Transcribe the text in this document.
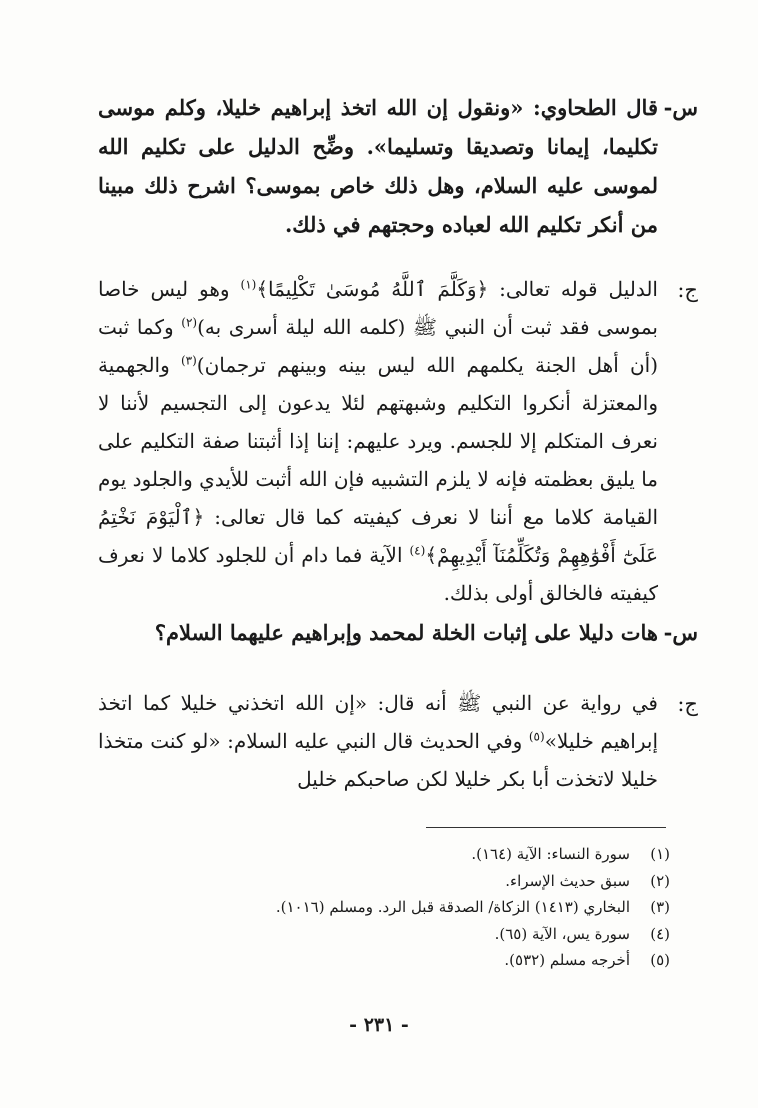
س-
قال الطحاوي: «ونقول إن الله اتخذ إبراهيم خليلا، وكلم موسى تكليما، إيمانا وتصديقا وتسليما». وضِّح الدليل على تكليم الله لموسى عليه السلام، وهل ذلك خاص بموسى؟ اشرح ذلك مبينا من أنكر تكليم الله لعباده وحجتهم في ذلك.
ج:
الدليل قوله تعالى: ﴿وَكَلَّمَ ٱللَّهُ مُوسَىٰ تَكْلِيمًا﴾$^{(١)}$ وهو ليس خاصا بموسى فقد ثبت أن النبي ﷺ (كلمه الله ليلة أسرى به)$^{(٢)}$ وكما ثبت (أن أهل الجنة يكلمهم الله ليس بينه وبينهم ترجمان)$^{(٣)}$ والجهمية والمعتزلة أنكروا التكليم وشبهتهم لئلا يدعون إلى التجسيم لأننا لا نعرف المتكلم إلا للجسم. ويرد عليهم: إننا إذا أثبتنا صفة التكليم على ما يليق بعظمته فإنه لا يلزم التشبيه فإن الله أثبت للأيدي والجلود يوم القيامة كلاما مع أننا لا نعرف كيفيته كما قال تعالى: ﴿ٱلْيَوْمَ نَخْتِمُ عَلَىٰٓ أَفْوَٰهِهِمْ وَتُكَلِّمُنَآ أَيْدِيهِمْ﴾$^{(٤)}$ الآية فما دام أن للجلود كلاما لا نعرف كيفيته فالخالق أولى بذلك.
س-
هات دليلا على إثبات الخلة لمحمد وإبراهيم عليهما السلام؟
ج:
في رواية عن النبي ﷺ أنه قال: «إن الله اتخذني خليلا كما اتخذ إبراهيم خليلا»$^{(٥)}$ وفي الحديث قال النبي عليه السلام: «لو كنت متخذا خليلا لاتخذت أبا بكر خليلا لكن صاحبكم خليل
(١)
سورة النساء: الآية (١٦٤).
(٢)
سبق حديث الإسراء.
(٣)
البخاري (١٤١٣) الزكاة/ الصدقة قبل الرد. ومسلم (١٠١٦).
(٤)
سورة يس، الآية (٦٥).
(٥)
أخرجه مسلم (٥٣٢).
- ٢٣١ -
